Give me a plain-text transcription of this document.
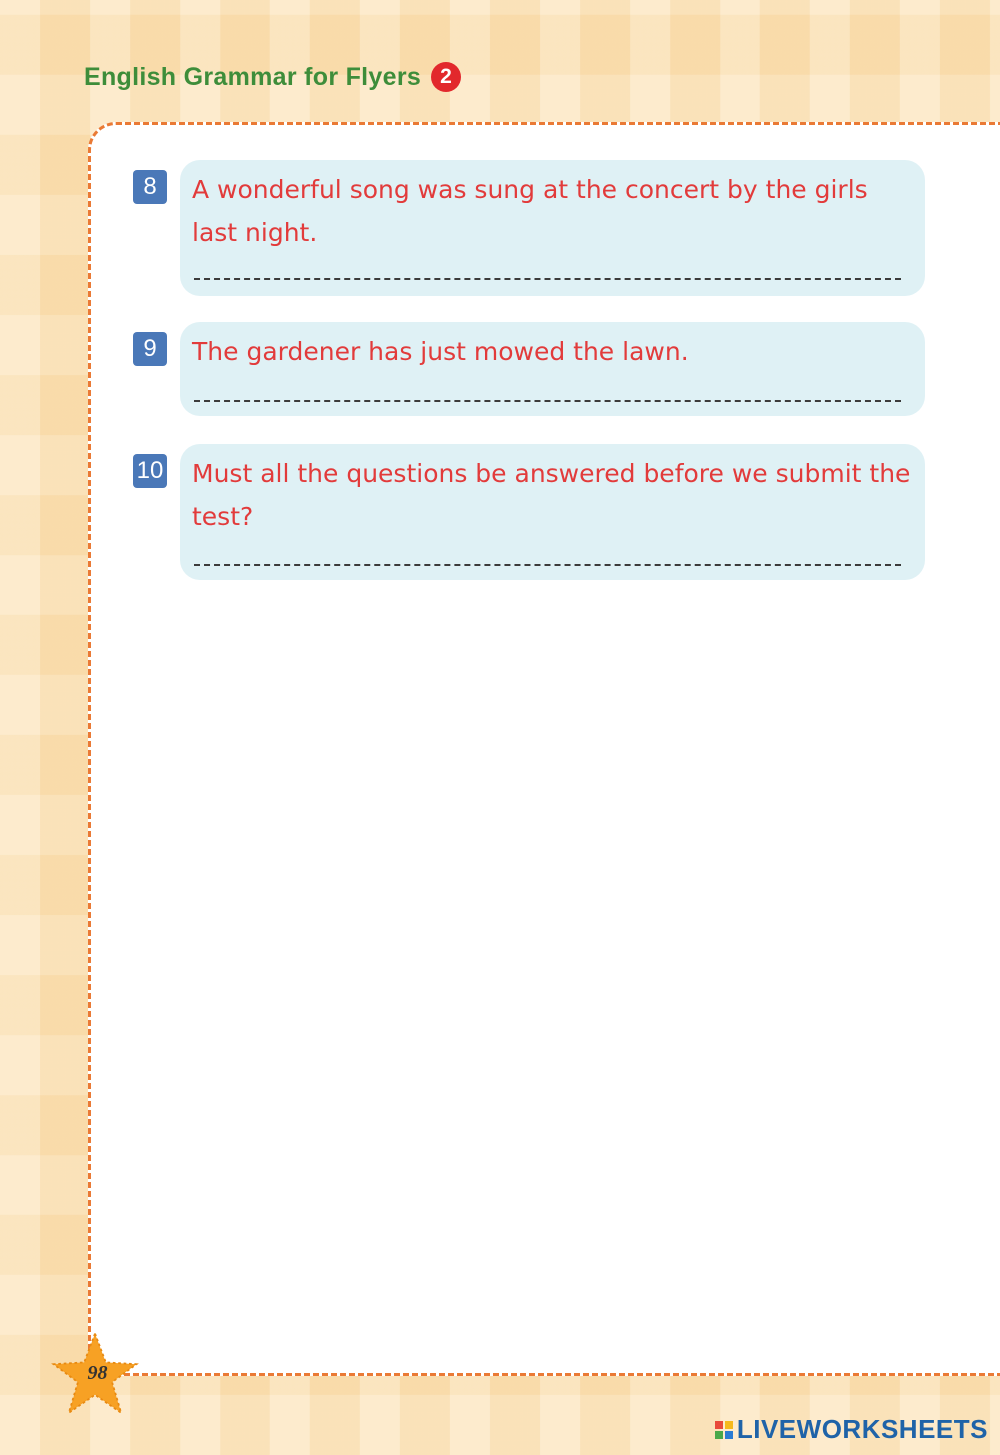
English Grammar for Flyers 2
8	A wonderful song was sung at the concert by the girls last night.
9	The gardener has just mowed the lawn.
10 Must all the questions be answered before we submit the test?
98
LIVEWORKSHEETS
